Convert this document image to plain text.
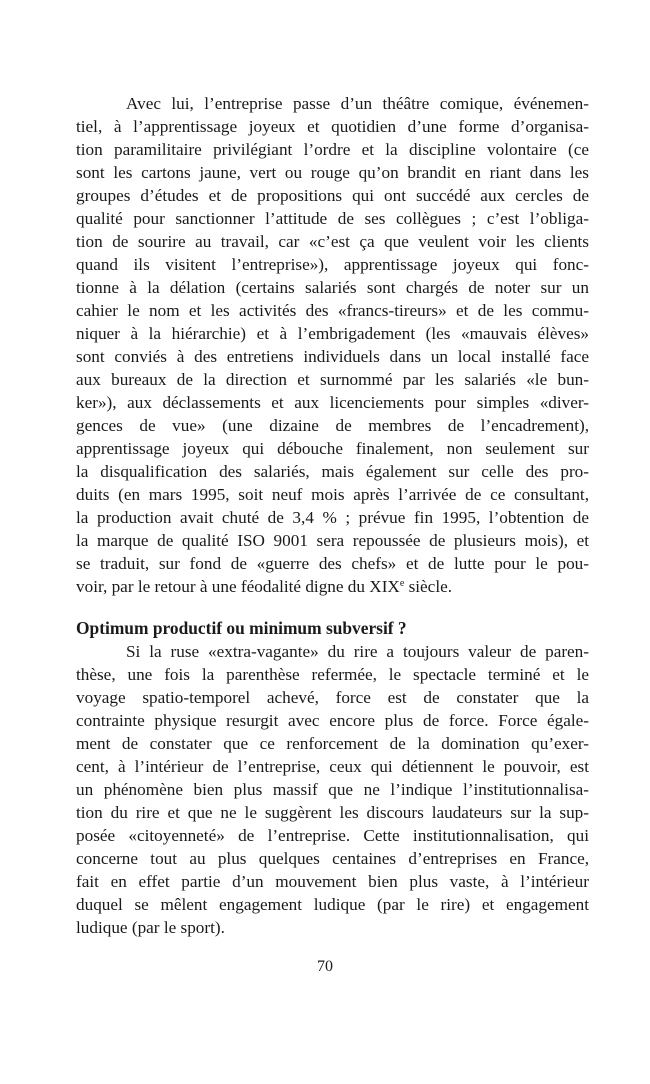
Avec lui, l’entreprise passe d’un théâtre comique, événemen-
tiel, à l’apprentissage joyeux et quotidien d’une forme d’organisa-
tion paramilitaire privilégiant l’ordre et la discipline volontaire (ce
sont les cartons jaune, vert ou rouge qu’on brandit en riant dans les
groupes d’études et de propositions qui ont succédé aux cercles de
qualité pour sanctionner l’attitude de ses collègues ; c’est l’obliga-
tion de sourire au travail, car «c’est ça que veulent voir les clients
quand ils visitent l’entreprise»), apprentissage joyeux qui fonc-
tionne à la délation (certains salariés sont chargés de noter sur un
cahier le nom et les activités des «francs-tireurs» et de les commu-
niquer à la hiérarchie) et à l’embrigadement (les «mauvais élèves»
sont conviés à des entretiens individuels dans un local installé face
aux bureaux de la direction et surnommé par les salariés «le bun-
ker»), aux déclassements et aux licenciements pour simples «diver-
gences de vue» (une dizaine de membres de l’encadrement),
apprentissage joyeux qui débouche finalement, non seulement sur
la disqualification des salariés, mais également sur celle des pro-
duits (en mars 1995, soit neuf mois après l’arrivée de ce consultant,
la production avait chuté de 3,4 % ; prévue fin 1995, l’obtention de
la marque de qualité ISO 9001 sera repoussée de plusieurs mois), et
se traduit, sur fond de «guerre des chefs» et de lutte pour le pou-
voir, par le retour à une féodalité digne du XIXe siècle.
Optimum productif ou minimum subversif ?
Si la ruse «extra-vagante» du rire a toujours valeur de paren-
thèse, une fois la parenthèse refermée, le spectacle terminé et le
voyage spatio-temporel achevé, force est de constater que la
contrainte physique resurgit avec encore plus de force. Force égale-
ment de constater que ce renforcement de la domination qu’exer-
cent, à l’intérieur de l’entreprise, ceux qui détiennent le pouvoir, est
un phénomène bien plus massif que ne l’indique l’institutionnalisa-
tion du rire et que ne le suggèrent les discours laudateurs sur la sup-
posée «citoyenneté» de l’entreprise. Cette institutionnalisation, qui
concerne tout au plus quelques centaines d’entreprises en France,
fait en effet partie d’un mouvement bien plus vaste, à l’intérieur
duquel se mêlent engagement ludique (par le rire) et engagement
ludique (par le sport).
70
